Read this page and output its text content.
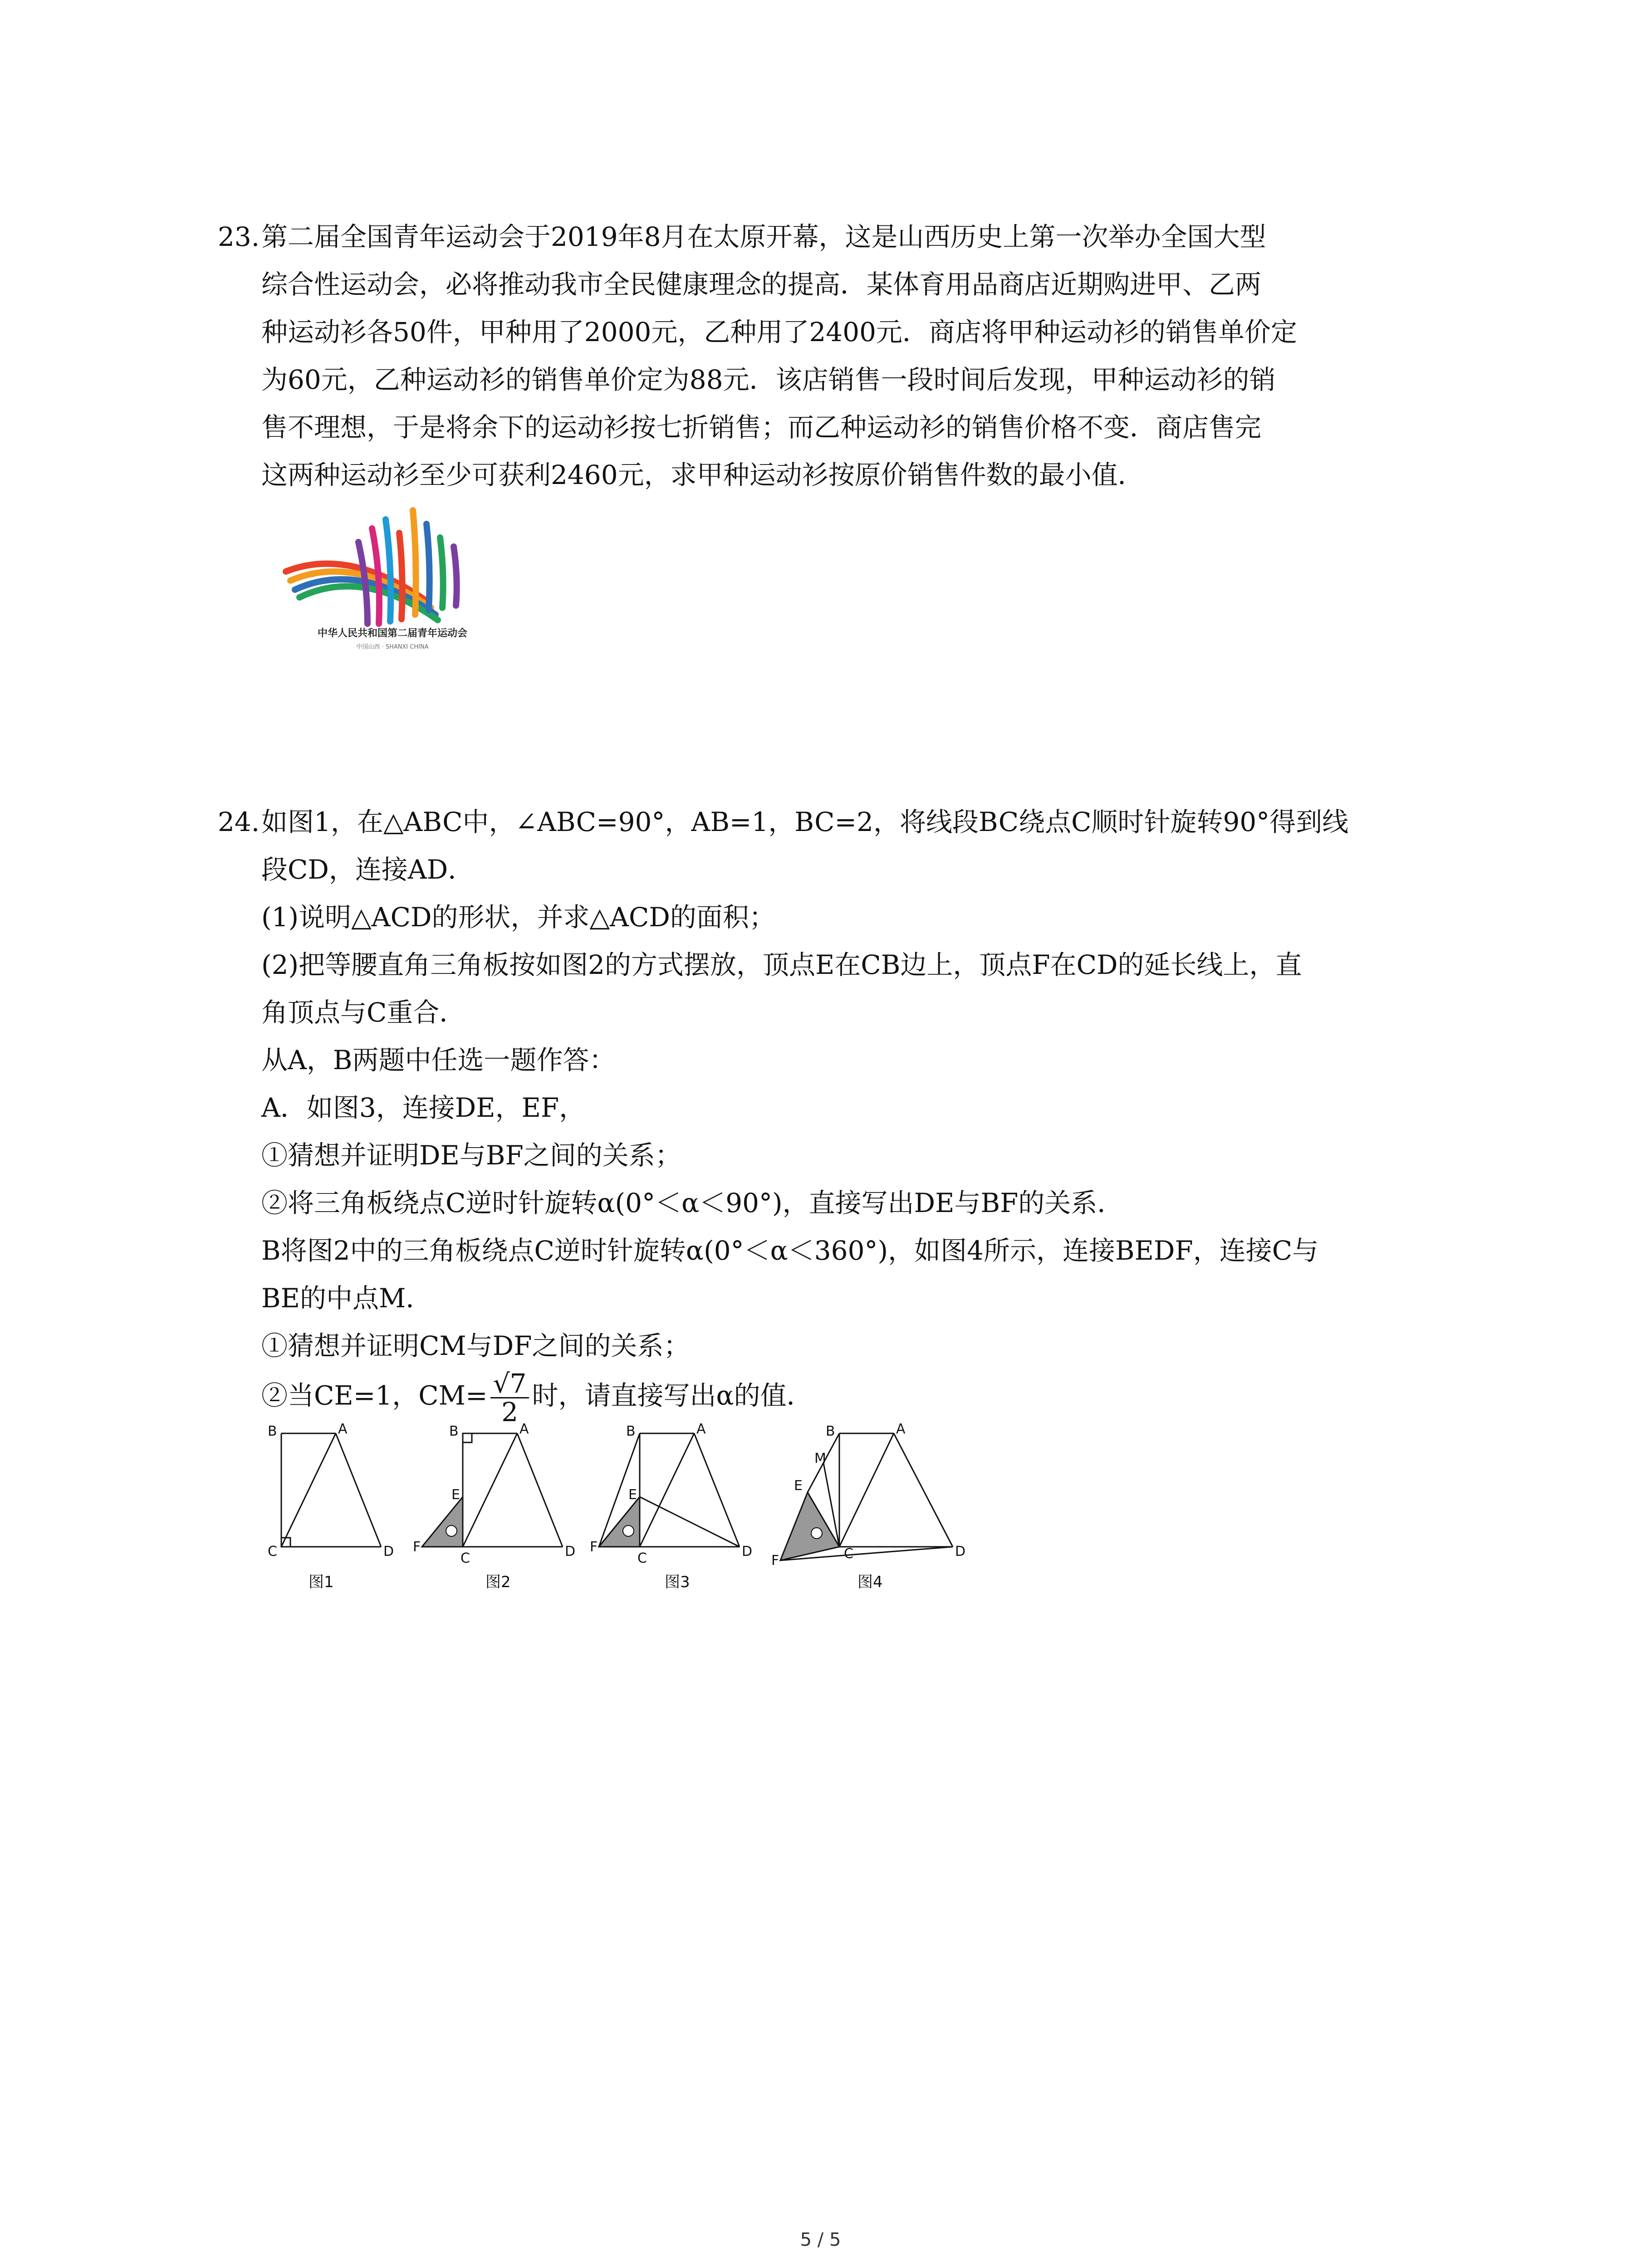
23. 第二届全国青年运动会于2019年8月在太原开幕，这是山西历史上第一次举办全国大型
综合性运动会，必将推动我市全民健康理念的提高．某体育用品商店近期购进甲、乙两
种运动衫各50件，甲种用了2000元，乙种用了2400元．商店将甲种运动衫的销售单价定
为60元，乙种运动衫的销售单价定为88元．该店销售一段时间后发现，甲种运动衫的销
售不理想，于是将余下的运动衫按七折销售；而乙种运动衫的销售价格不变．商店售完
这两种运动衫至少可获利2460元，求甲种运动衫按原价销售件数的最小值．
中华人民共和国第二届青年运动会
中国山西 · SHANXI CHINA
24. 如图1，在△ABC中，∠ABC=90°，AB=1，BC=2，将线段BC绕点C顺时针旋转90°得到线
段CD，连接AD．
(1)说明△ACD的形状，并求△ACD的面积；
(2)把等腰直角三角板按如图2的方式摆放，顶点E在CB边上，顶点F在CD的延长线上，直
角顶点与C重合．
从A，B两题中任选一题作答：
A．如图3，连接DE，EF，
①猜想并证明DE与BF之间的关系；
②将三角板绕点C逆时针旋转α(0°＜α＜90°)，直接写出DE与BF的关系．
B将图2中的三角板绕点C逆时针旋转α(0°＜α＜360°)，如图4所示，连接BEDF，连接C与
BE的中点M．
①猜想并证明CM与DF之间的关系；
②当CE=1，$CM= \frac{√7}{2}$ 时，请直接写出α的值．
B	A
C	D
图1
B	A
E
F
C	D
图2
B	A
E
F
C	D
图3
B	A
M
E
F	C	D
图4
5 / 5
